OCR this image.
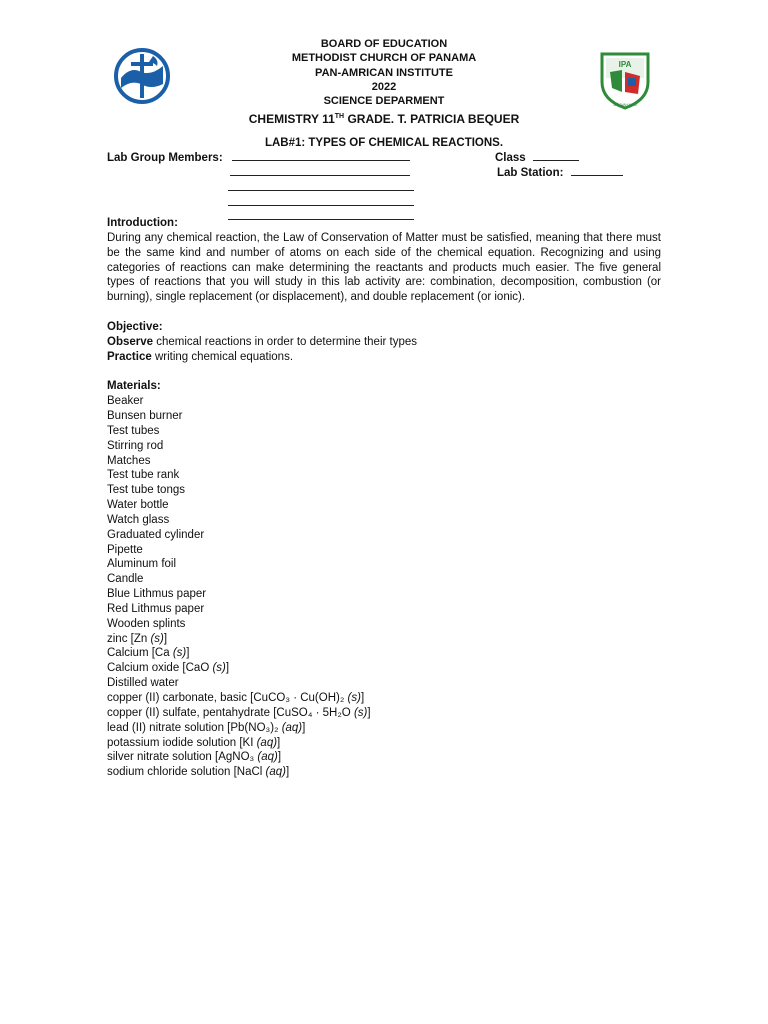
IPA
JEHOVAH NISSI
BOARD OF EDUCATION
METHODIST CHURCH OF PANAMA
PAN-AMRICAN INSTITUTE
2022
SCIENCE DEPARMENT
CHEMISTRY 11TH GRADE. T. PATRICIA BEQUER
LAB#1: TYPES OF CHEMICAL REACTIONS.
Lab Group Members:	Class
Lab Station:
Introduction:

During any chemical reaction, the Law of Conservation of Matter must be satisfied, meaning that there must be the same kind and number of atoms on each side of the chemical equation. Recognizing and using categories of reactions can make determining the reactants and products much easier. The five general types of reactions that you will study in this lab activity are: combination, decomposition, combustion (or burning), single replacement (or displacement), and double replacement (or ionic).

Objective:
Observe chemical reactions in order to determine their types
Practice writing chemical equations.
Materials:
Beaker
Bunsen burner
Test tubes
Stirring rod
Matches
Test tube rank
Test tube tongs
Water bottle
Watch glass
Graduated cylinder
Pipette
Aluminum foil
Candle
Blue Lithmus paper
Red Lithmus paper
Wooden splints
zinc [Zn (s)]
Calcium [Ca (s)]
Calcium oxide [CaO (s)]
Distilled water
copper (II) carbonate, basic [CuCO₃ · Cu(OH)₂ (s)]
copper (II) sulfate, pentahydrate [CuSO₄ · 5H₂O (s)]
lead (II) nitrate solution [Pb(NO₃)₂ (aq)]
potassium iodide solution [KI (aq)]
silver nitrate solution [AgNO₃ (aq)]
sodium chloride solution [NaCl (aq)]
